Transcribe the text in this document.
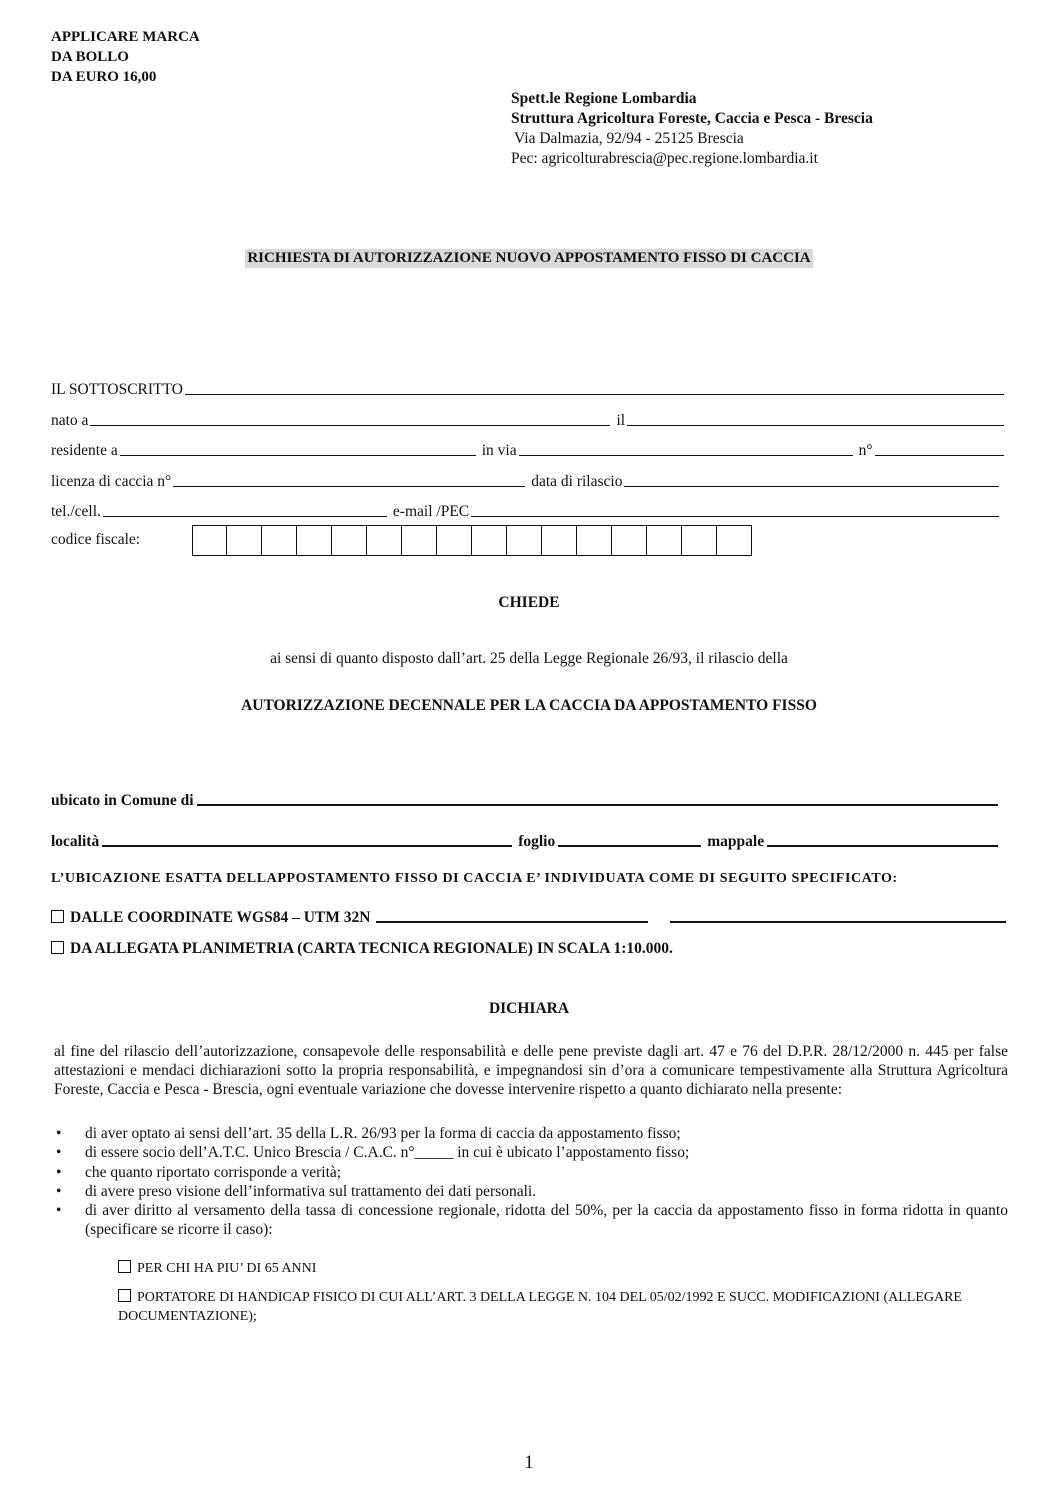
APPLICARE MARCA
DA BOLLO
DA EURO 16,00
Spett.le Regione Lombardia
Struttura Agricoltura Foreste, Caccia e Pesca - Brescia
Via Dalmazia, 92/94 - 25125 Brescia
Pec: agricolturabrescia@pec.regione.lombardia.it
RICHIESTA DI AUTORIZZAZIONE NUOVO APPOSTAMENTO FISSO DI CACCIA
IL SOTTOSCRITTO
nato a	il
residente a	in via	n°
licenza di caccia n°	data di rilascio
tel./cell.	e-mail /PEC
codice fiscale:
CHIEDE
ai sensi di quanto disposto dall’art. 25 della Legge Regionale 26/93, il rilascio della
AUTORIZZAZIONE DECENNALE PER LA CACCIA DA APPOSTAMENTO FISSO
ubicato in Comune di
località	foglio	mappale
L’UBICAZIONE ESATTA DELLAPPOSTAMENTO FISSO DI CACCIA E’ INDIVIDUATA COME DI SEGUITO SPECIFICATO:
DALLE COORDINATE WGS84 – UTM 32N
DA ALLEGATA PLANIMETRIA (CARTA TECNICA REGIONALE) IN SCALA 1:10.000.
DICHIARA
al fine del rilascio dell’autorizzazione, consapevole delle responsabilità e delle pene previste dagli art. 47 e 76 del D.P.R. 28/12/2000 n. 445 per false attestazioni e mendaci dichiarazioni sotto la propria responsabilità, e impegnandosi sin d’ora a comunicare tempestivamente alla Struttura Agricoltura Foreste, Caccia e Pesca - Brescia, ogni eventuale variazione che dovesse intervenire rispetto a quanto dichiarato nella presente:
• di aver optato ai sensi dell’art. 35 della L.R. 26/93 per la forma di caccia da appostamento fisso;
• di essere socio dell’A.T.C. Unico Brescia / C.A.C. n°_____ in cui è ubicato l’appostamento fisso;
• che quanto riportato corrisponde a verità;
• di avere preso visione dell’informativa sul trattamento dei dati personali.
• di aver diritto al versamento della tassa di concessione regionale, ridotta del 50%, per la caccia da appostamento fisso in forma ridotta in quanto (specificare se ricorre il caso):
PER CHI HA PIU’ DI 65 ANNI
PORTATORE DI HANDICAP FISICO DI CUI ALL’ART. 3 DELLA LEGGE N. 104 DEL 05/02/1992 E SUCC. MODIFICAZIONI (ALLEGARE DOCUMENTAZIONE);
1
